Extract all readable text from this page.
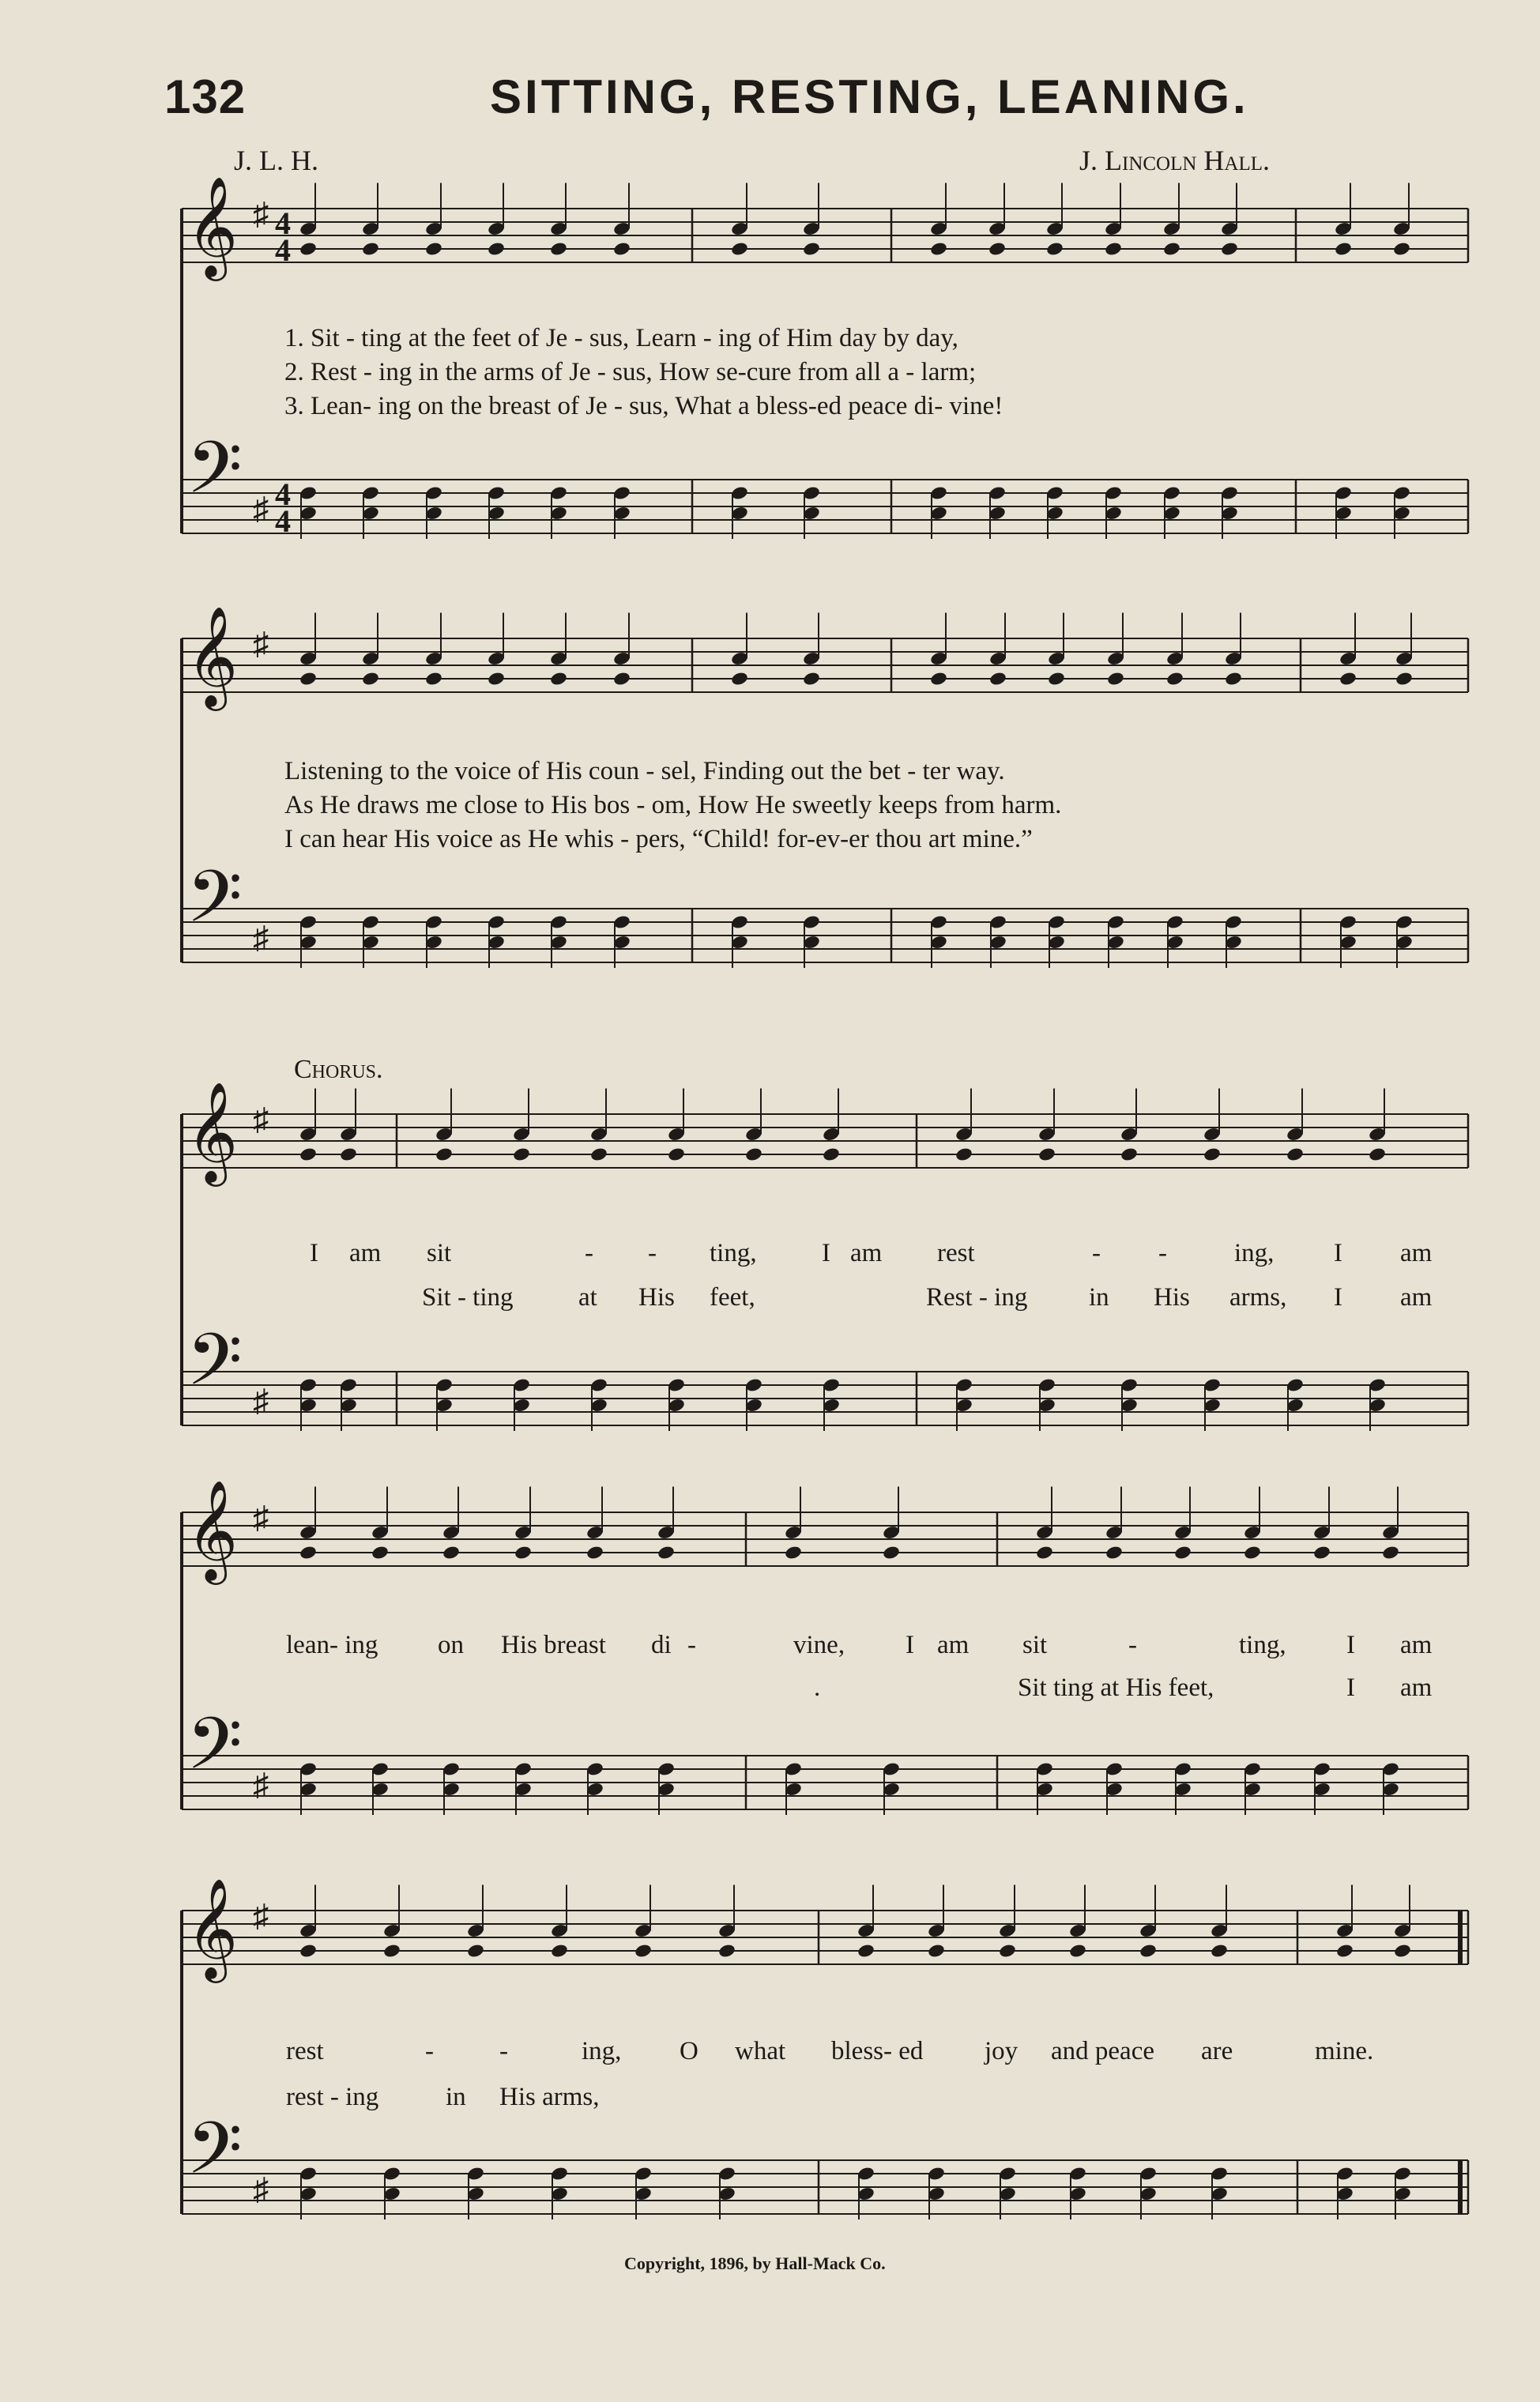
132	SITTING, RESTING, LEANING.
J. L. H.	J. Lincoln Hall.
𝄞
𝄢
♯
♯
𝄞
𝄢
♯
♯
𝄞
𝄢
♯
♯
𝄞
𝄢
♯
♯
𝄞
𝄢
♯
♯
4
4
4
4
1. Sit - ting at the feet of Je - sus, Learn - ing of Him day by day,
2. Rest - ing in the arms of Je - sus, How se-cure from all a - larm;
3. Lean- ing on the breast of Je - sus, What a bless-ed peace di- vine!
Listening to the voice of His coun - sel, Finding out the bet - ter way.
As He draws me close to His bos - om, How He sweetly keeps from harm.
I can hear His voice as He whis - pers, “Child! for-ev-er thou art mine.”
Chorus.
I am sit	- - ting, I am rest	- -	ing, I am
Sit - ting at His feet,	Rest - ing in His arms, I am
lean- ing on His breast di -	vine, I am sit	-	ting, I am
.	Sit ting at His feet,	I am
rest	-	-	ing, O what bless- ed joy and peace are	mine.
rest - ing	in His arms,
Copyright, 1896, by Hall-Mack Co.
